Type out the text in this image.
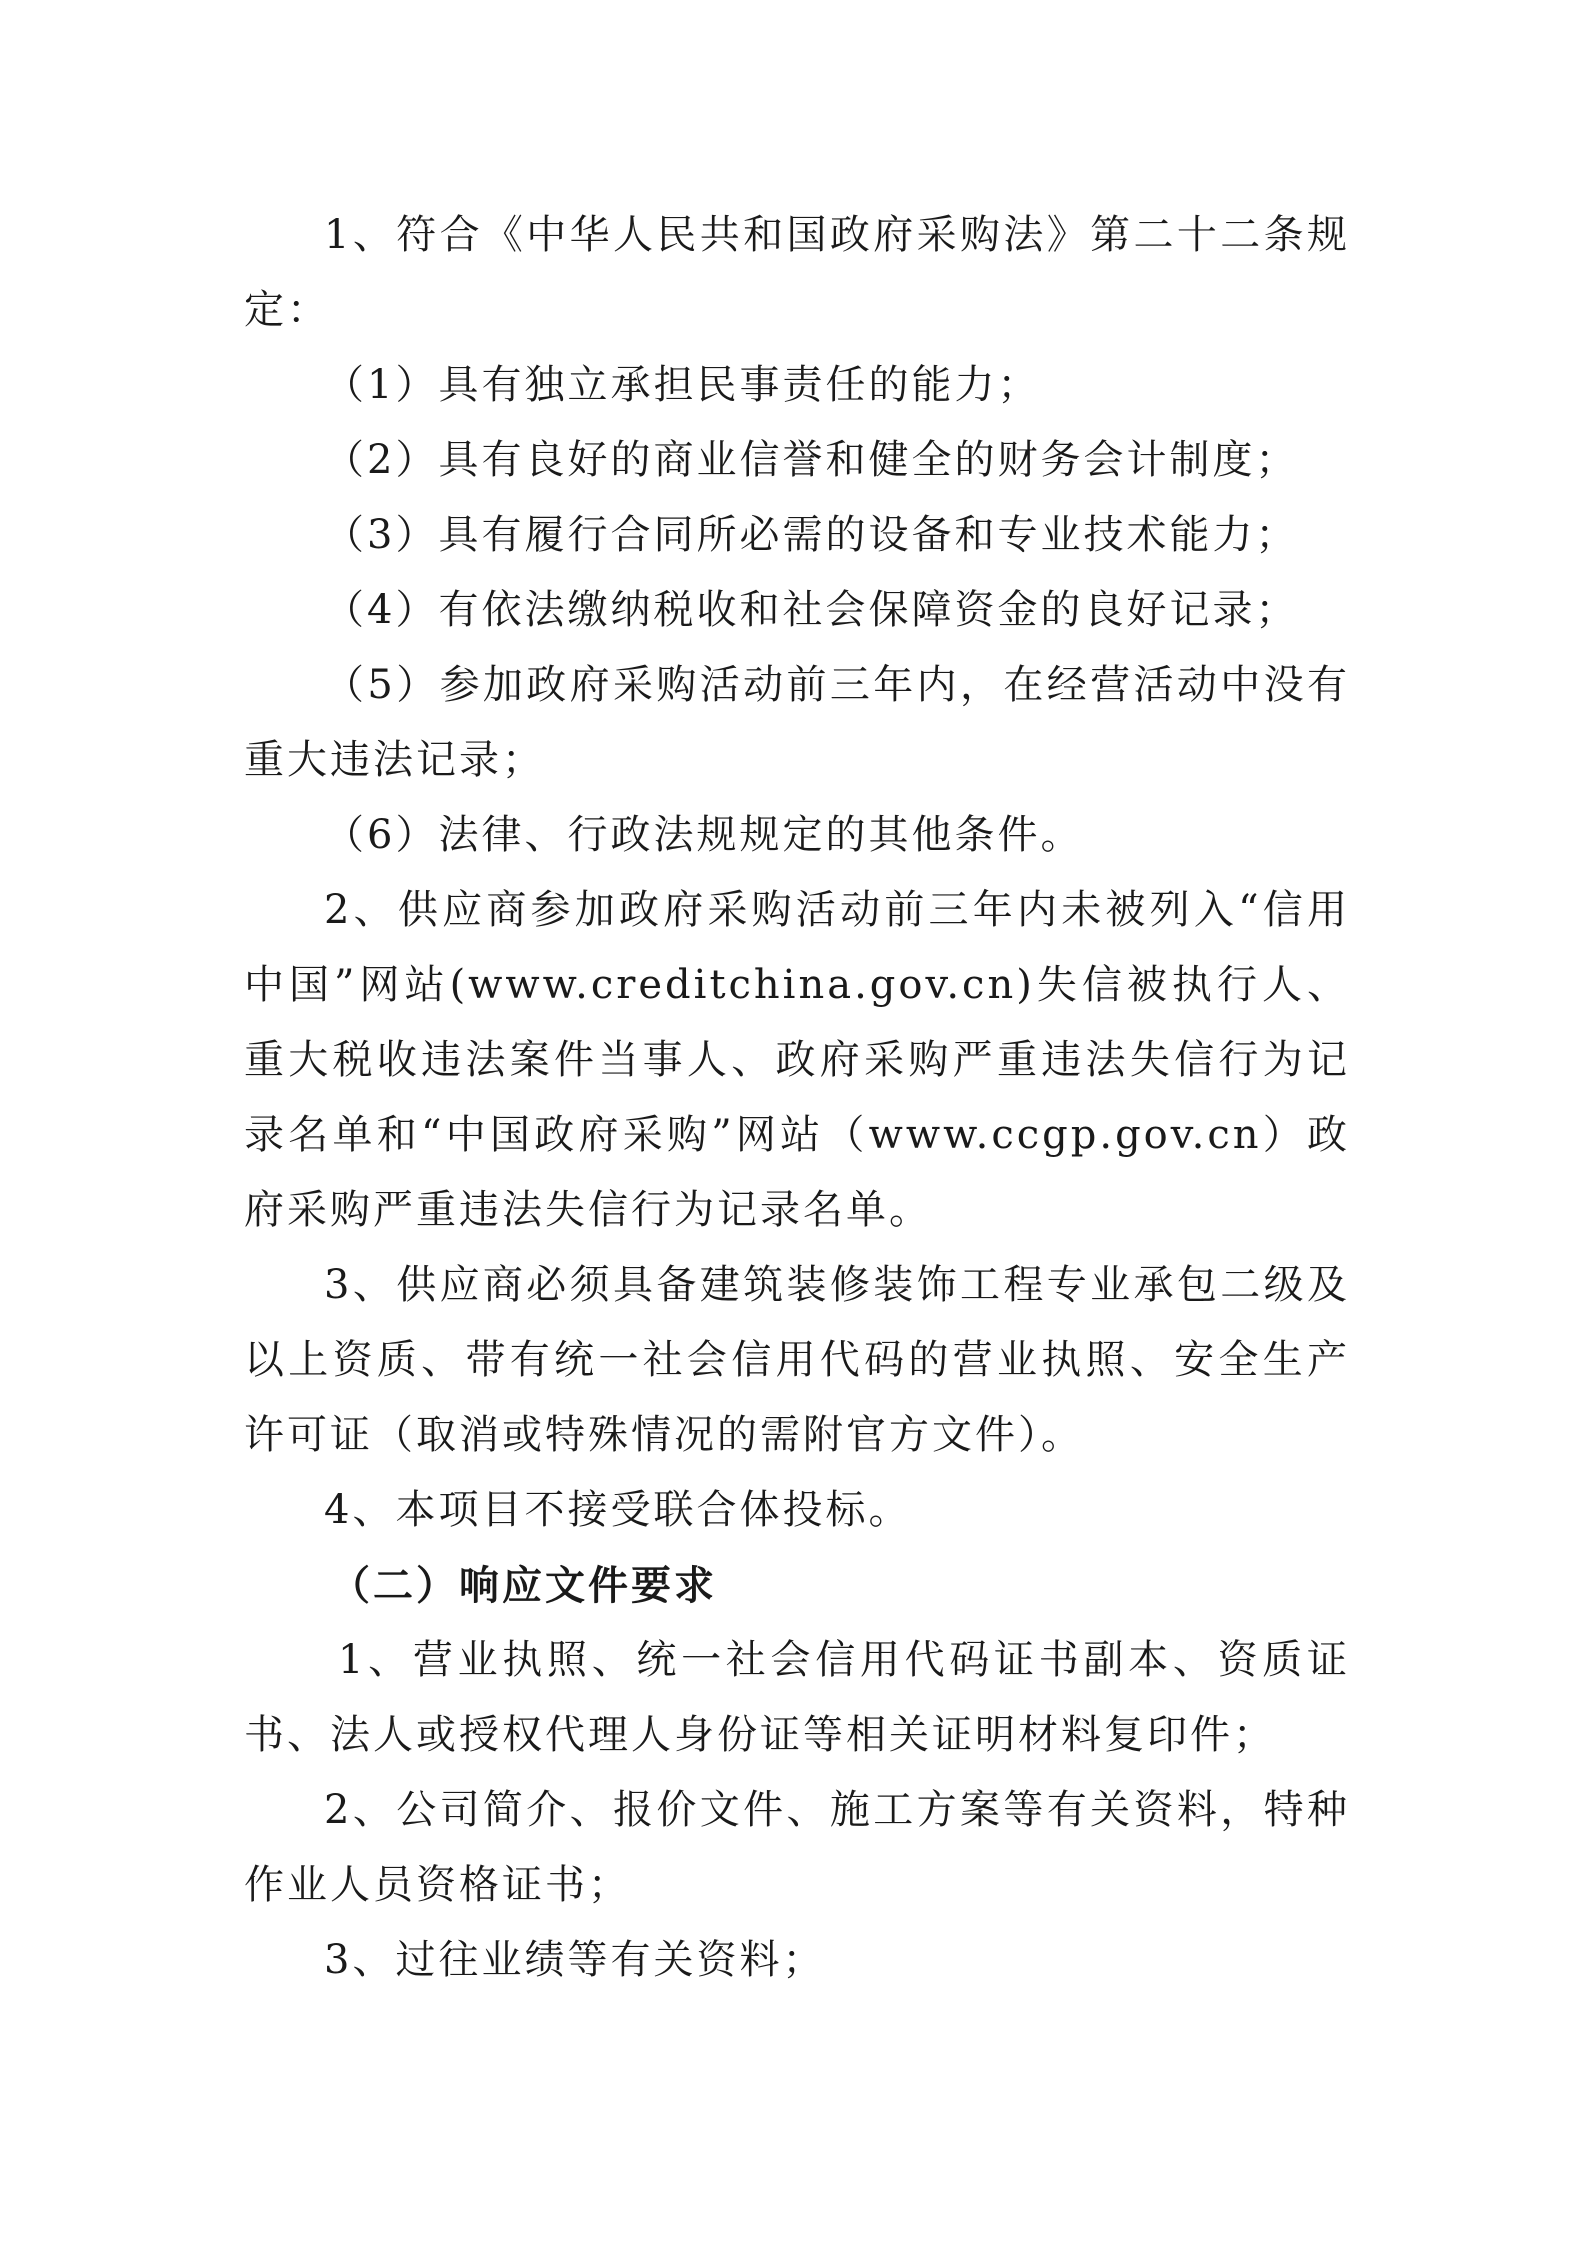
1、符合《中华人民共和国政府采购法》第二十二条规定：

（1）具有独立承担民事责任的能力；

（2）具有良好的商业信誉和健全的财务会计制度；

（3）具有履行合同所必需的设备和专业技术能力；

（4）有依法缴纳税收和社会保障资金的良好记录；

（5）参加政府采购活动前三年内，在经营活动中没有重大违法记录；

（6）法律、行政法规规定的其他条件。

2、供应商参加政府采购活动前三年内未被列入“信用中国”网站(www.creditchina.gov.cn)失信被执行人、重大税收违法案件当事人、政府采购严重违法失信行为记录名单和“中国政府采购”网站（www.ccgp.gov.cn）政府采购严重违法失信行为记录名单。

3、供应商必须具备建筑装修装饰工程专业承包二级及以上资质、带有统一社会信用代码的营业执照、安全生产许可证（取消或特殊情况的需附官方文件）。

4、本项目不接受联合体投标。

（二）响应文件要求

1、营业执照、统一社会信用代码证书副本、资质证书、法人或授权代理人身份证等相关证明材料复印件；

2、公司简介、报价文件、施工方案等有关资料，特种作业人员资格证书；

3、过往业绩等有关资料；
